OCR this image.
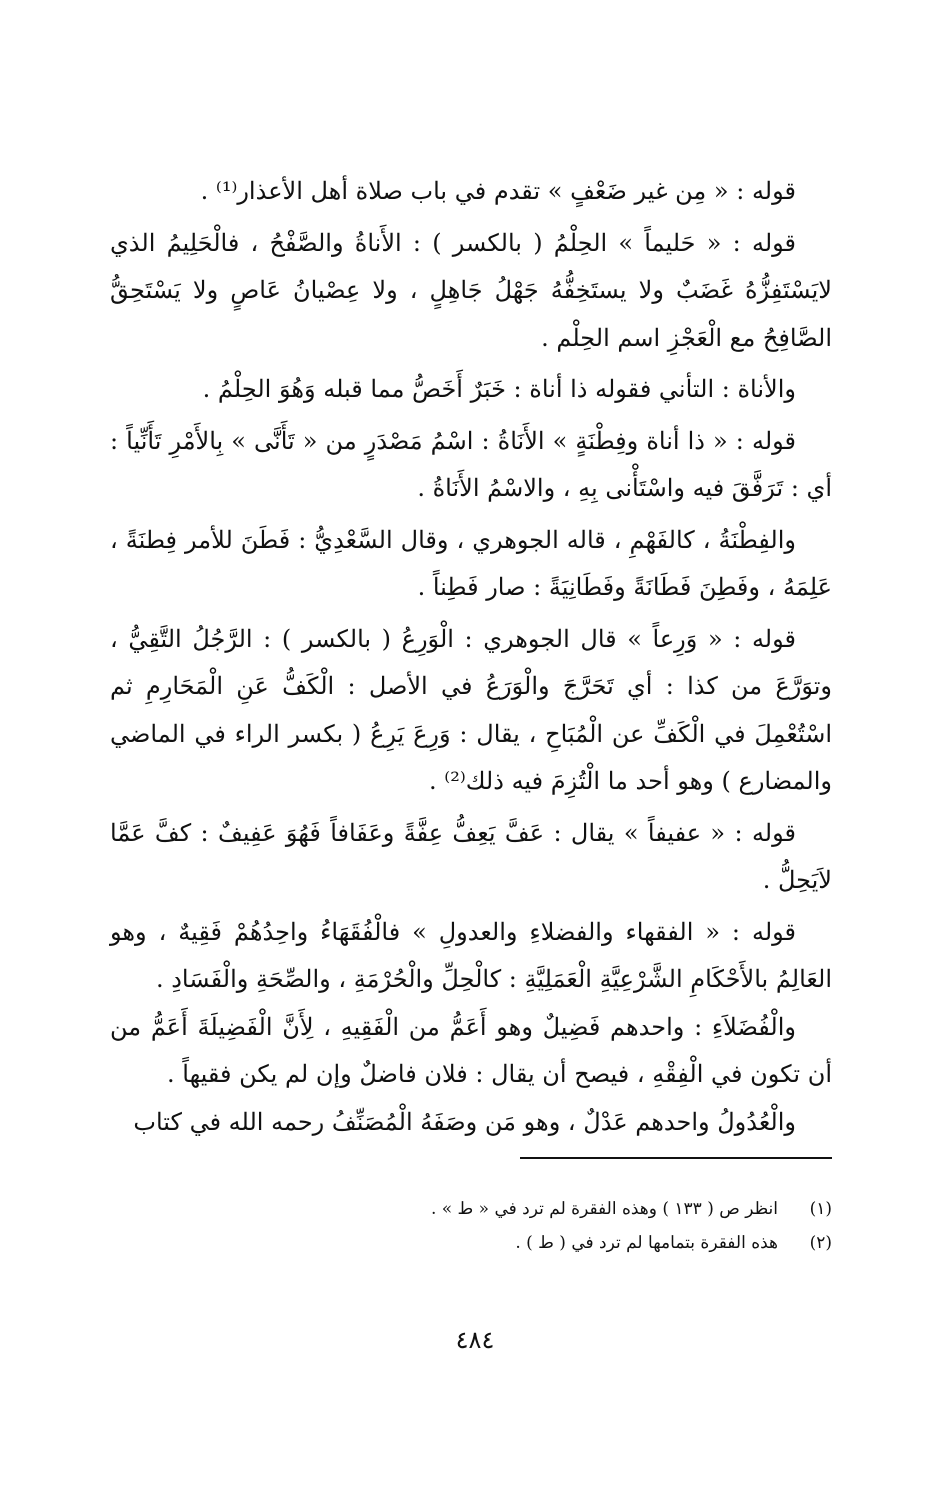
قوله : « مِن غير ضَعْفٍ » تقدم في باب صلاة أهل الأعذار⁽¹⁾ .

قوله : « حَليماً » الحِلْمُ ( بالكسر ) : الأَناةُ والصَّفْحُ ، فالْحَلِيمُ الذي لايَسْتَفِزُّهُ غَضَبٌ ولا يستَخِفُّهُ جَهْلُ جَاهِلٍ ، ولا عِصْيانُ عَاصٍ ولا يَسْتَحِقُّ الصَّافِحُ مع الْعَجْزِ اسم الحِلْم .

والأناة : التأني فقوله ذا أناة : خَبَرٌ أَخَصُّ مما قبله وَهُوَ الحِلْمُ .

قوله : « ذا أناة وفِطْنَةٍ » الأَنَاةُ : اسْمُ مَصْدَرٍ من « تَأَنَّى » بِالأَمْرِ تَأَنِّياً : أي : تَرَفَّقَ فيه واسْتَأْنى بِهِ ، والاسْمُ الأَنَاةُ .

والفِطْنَةُ ، كالفَهْمِ ، قاله الجوهري ، وقال السَّعْدِيُّ : فَطَنَ للأمر فِطنَةً ، عَلِمَهُ ، وفَطِنَ فَطَانَةً وفَطَانِيَةً : صار فَطِناً .

قوله : « وَرِعاً » قال الجوهري : الْوَرِعُ ( بالكسر ) : الرَّجُلُ التَّقِيُّ ، وتوَرَّعَ من كذا : أي تَحَرَّجَ والْوَرَعُ في الأصل : الْكَفُّ عَنِ الْمَحَارِمِ ثم اسْتُعْمِلَ في الْكَفِّ عن الْمُبَاحِ ، يقال : وَرِعَ يَرِعُ ( بكسر الراء في الماضي والمضارع ) وهو أحد ما الْتُزِمَ فيه ذلك⁽²⁾ .

قوله : « عفيفاً » يقال : عَفَّ يَعِفُّ عِفَّةً وعَفَافاً فَهُوَ عَفِيفٌ : كفَّ عَمَّا لاَيَحِلُّ .

قوله : « الفقهاء والفضلاءِ والعدولِ » فالْفُقَهَاءُ واحِدُهُمْ فَقِيهٌ ، وهو العَالِمُ بالأَحْكَامِ الشَّرْعِيَّةِ الْعَمَلِيَّةِ : كالْحِلِّ والْحُرْمَةِ ، والصِّحَةِ والْفَسَادِ .

والْفُضَلاَءِ : واحدهم فَضِيلٌ وهو أَعَمُّ من الْفَقِيهِ ، لِأَنَّ الْفَضِيلَةَ أَعَمُّ من أن تكون في الْفِقْهِ ، فيصح أن يقال : فلان فاضلٌ وإن لم يكن فقيهاً .

والْعُدُولُ واحدهم عَدْلٌ ، وهو مَن وصَفَهُ الْمُصَنِّفُ رحمه الله في كتاب

(١)انظر ص ( ١٣٣ ) وهذه الفقرة لم ترد في « ط » .

(٢)هذه الفقرة بتمامها لم ترد في ( ط ) .

٤٨٤
